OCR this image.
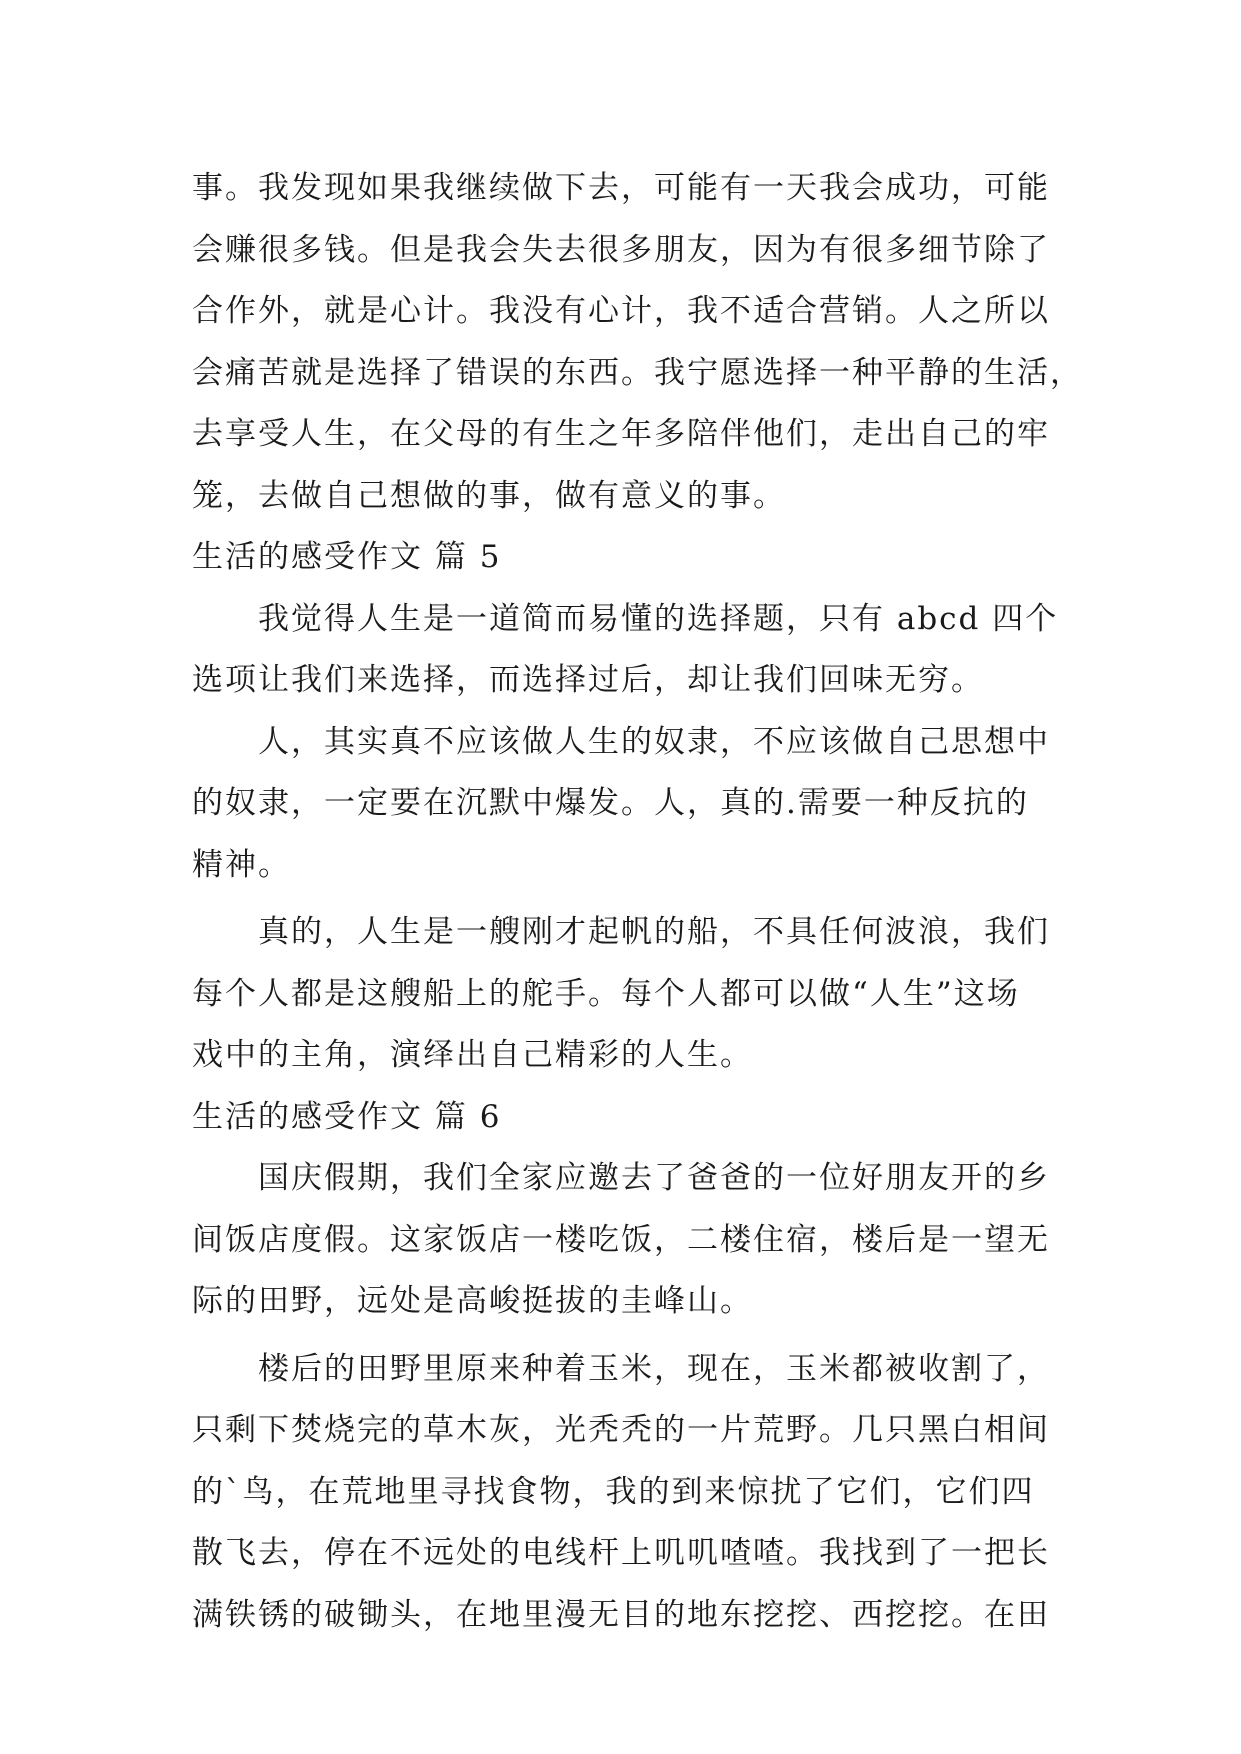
事。我发现如果我继续做下去，可能有一天我会成功，可能
会赚很多钱。但是我会失去很多朋友，因为有很多细节除了
合作外，就是心计。我没有心计，我不适合营销。人之所以
会痛苦就是选择了错误的东西。我宁愿选择一种平静的生活，
去享受人生，在父母的有生之年多陪伴他们，走出自己的牢
笼，去做自己想做的事，做有意义的事。
生活的感受作文 篇 5
我觉得人生是一道简而易懂的选择题，只有 abcd 四个
选项让我们来选择，而选择过后，却让我们回味无穷。
人，其实真不应该做人生的奴隶，不应该做自己思想中
的奴隶，一定要在沉默中爆发。人，真的.需要一种反抗的
精神。
真的，人生是一艘刚才起帆的船，不具任何波浪，我们
每个人都是这艘船上的舵手。每个人都可以做“人生”这场
戏中的主角，演绎出自己精彩的人生。
生活的感受作文 篇 6
国庆假期，我们全家应邀去了爸爸的一位好朋友开的乡
间饭店度假。这家饭店一楼吃饭，二楼住宿，楼后是一望无
际的田野，远处是高峻挺拔的圭峰山。
楼后的田野里原来种着玉米，现在，玉米都被收割了，
只剩下焚烧完的草木灰，光秃秃的一片荒野。几只黑白相间
的`鸟，在荒地里寻找食物，我的到来惊扰了它们，它们四
散飞去，停在不远处的电线杆上叽叽喳喳。我找到了一把长
满铁锈的破锄头，在地里漫无目的地东挖挖、西挖挖。在田
